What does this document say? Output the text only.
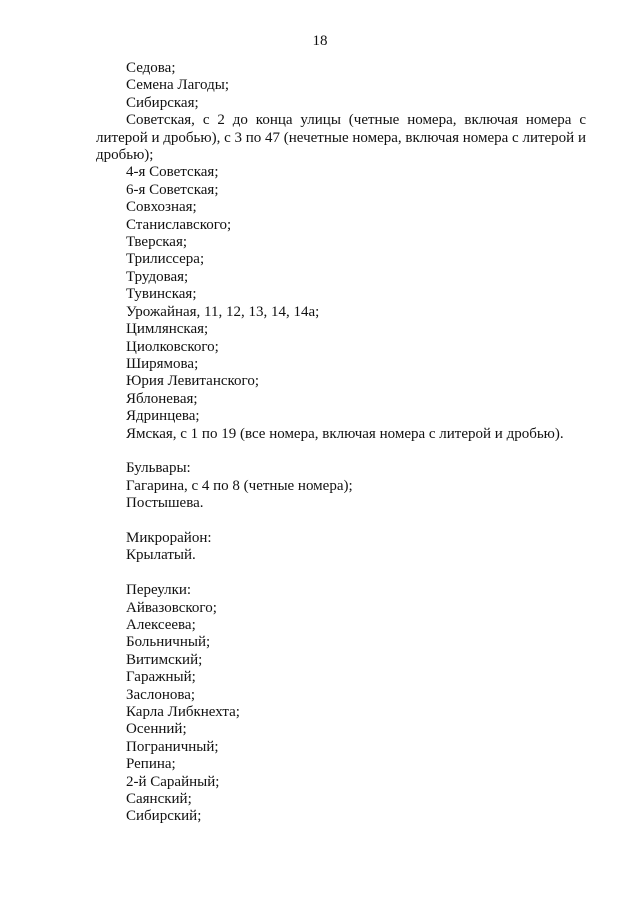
18

Седова;

Семена Лагоды;

Сибирская;

Советская, с 2 до конца улицы (четные номера, включая номера с литерой и дробью), с 3 по 47 (нечетные номера, включая номера с литерой и дробью);

4-я Советская;

6-я Советская;

Совхозная;

Станиславского;

Тверская;

Трилиссера;

Трудовая;

Тувинская;

Урожайная, 11, 12, 13, 14, 14а;

Цимлянская;

Циолковского;

Ширямова;

Юрия Левитанского;

Яблоневая;

Ядринцева;

Ямская, с 1 по 19 (все номера, включая номера с литерой и дробью).

Бульвары:

Гагарина, с 4 по 8 (четные номера);

Постышева.

Микрорайон:

Крылатый.

Переулки:

Айвазовского;

Алексеева;

Больничный;

Витимский;

Гаражный;

Заслонова;

Карла Либкнехта;

Осенний;

Пограничный;

Репина;

2-й Сарайный;

Саянский;

Сибирский;
